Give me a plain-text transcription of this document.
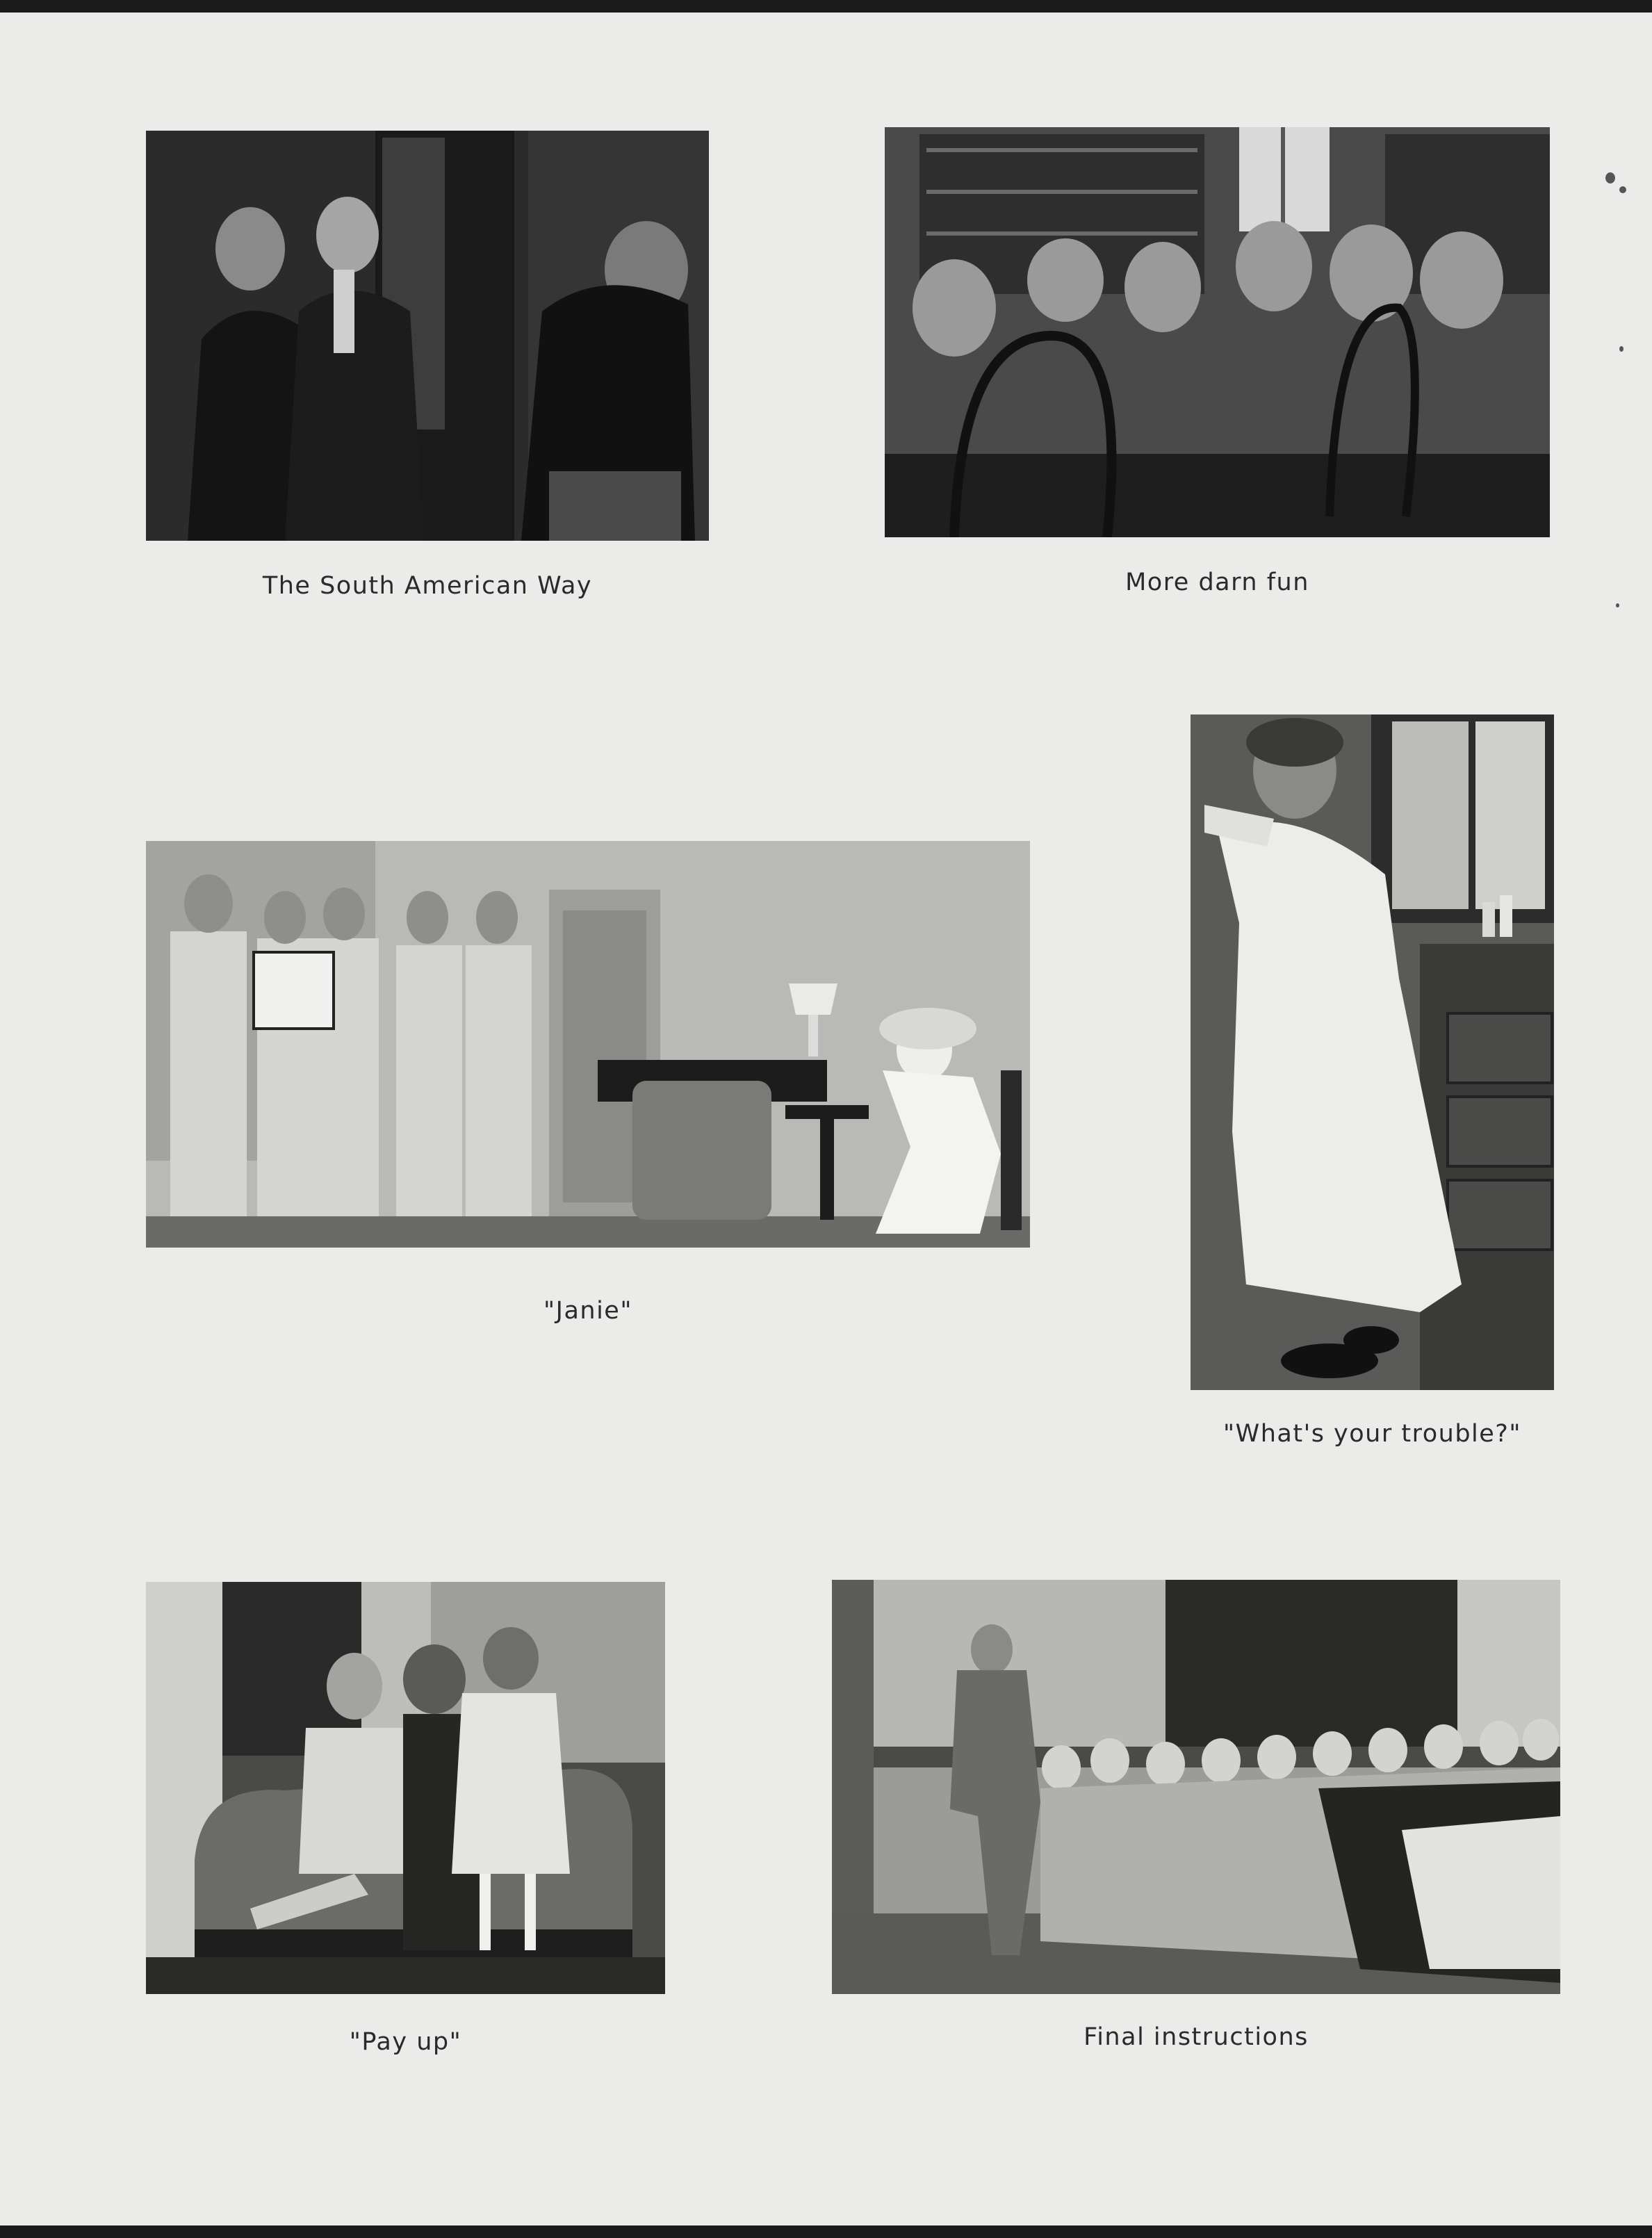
The South American Way	More darn fun
"Janie"
"What's your trouble?"
"Pay up"	Final instructions
